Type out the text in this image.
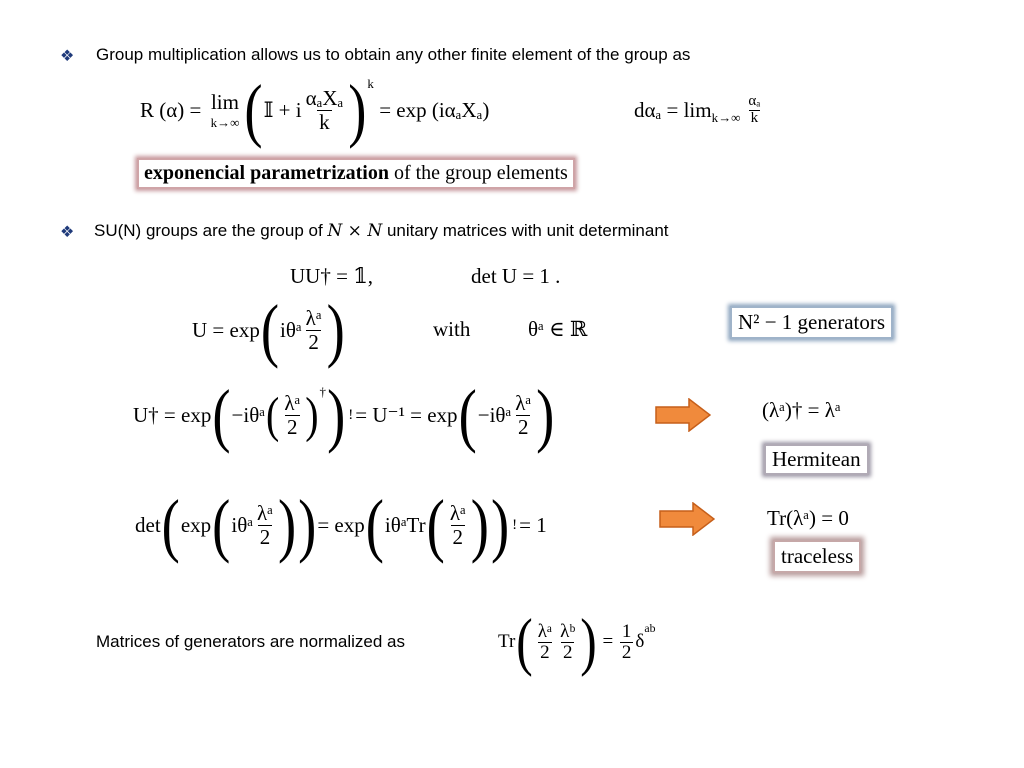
❖ Group multiplication allows us to obtain any other finite element of the group as
R (α) =
lim
k→∞ ( 𝕀 + i $\frac{\text{αₐXₐ}}{k} )^k$

= exp (iαₐXₐ)	$d\alpha_a = \lim_{k\to\infty} \frac{\text{αₐ}}{k}$
exponencial parametrization of the group elements
❖ SU(N) groups are the group of N × N unitary matrices with unit determinant
UU† = 𝟙,	det U = 1 .
U = exp ( iθᵃ $\frac{\text{λᵃ}}{2}$ )	with	θᵃ ∈ ℝ	N² − 1 generators
U† = exp ( −iθᵃ ( $\frac{\text{λᵃ}}{2} )^\dagger$ ) ! = U⁻¹ = exp ( −iθᵃ $\frac{\text{λᵃ}}{2}$ )	(λᵃ)† = λᵃ
Hermitean
det ( exp ( iθᵃ $\frac{\text{λᵃ}}{2}$ ) ) = exp ( iθᵃTr ( $\frac{\text{λᵃ}}{2}$ ) ) ! = 1	Tr(λᵃ) = 0
traceless
Matrices of generators are normalized as	Tr ( $\frac{\text{λᵃ}}{2} \frac{\text{λᵇ}}{2}$ )
=
$\frac{1}{2}$ δ
$^{ab}$
